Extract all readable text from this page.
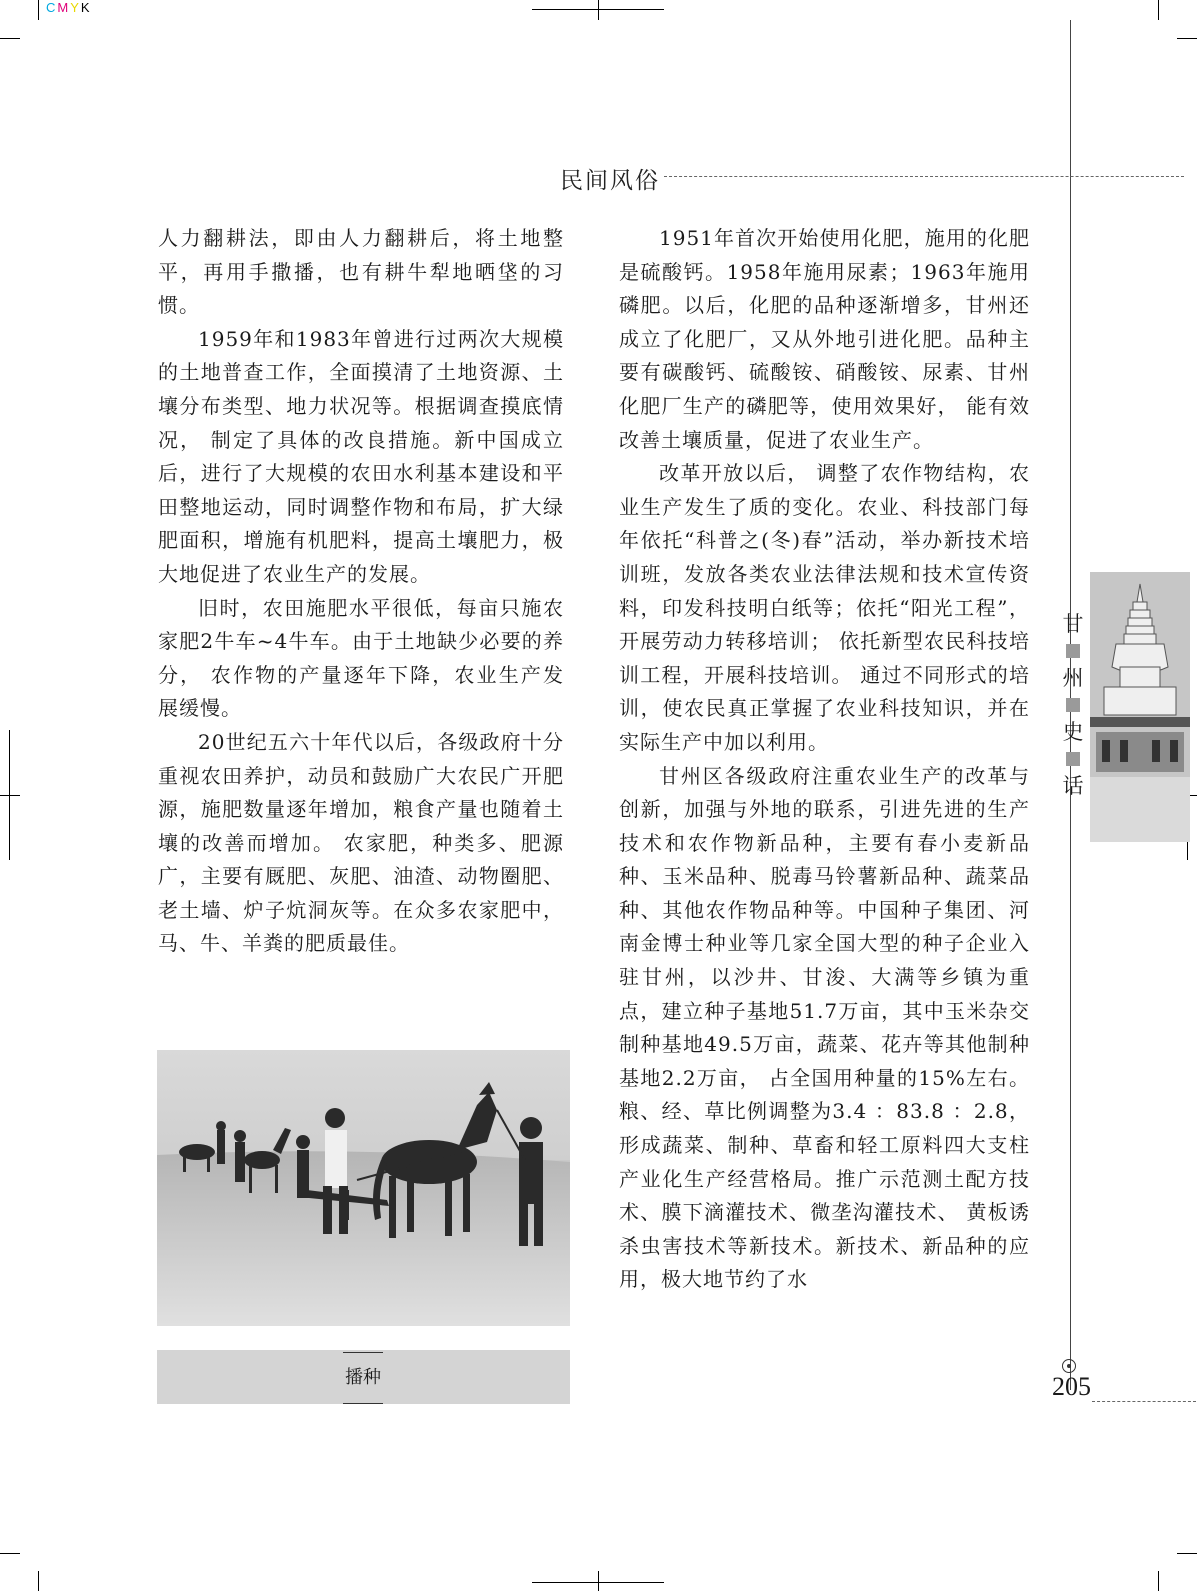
CMYK
民间风俗

人力翻耕法，即由人力翻耕后，将土地整平，再用手撒播，也有耕牛犁地晒垡的习惯。

1959年和1983年曾进行过两次大规模的土地普查工作，全面摸清了土地资源、土壤分布类型、地力状况等。根据调查摸底情况， 制定了具体的改良措施。新中国成立后，进行了大规模的农田水利基本建设和平田整地运动，同时调整作物和布局，扩大绿肥面积，增施有机肥料，提高土壤肥力，极大地促进了农业生产的发展。

旧时，农田施肥水平很低，每亩只施农家肥2牛车~4牛车。由于土地缺少必要的养分， 农作物的产量逐年下降，农业生产发展缓慢。

20世纪五六十年代以后，各级政府十分重视农田养护，动员和鼓励广大农民广开肥源，施肥数量逐年增加，粮食产量也随着土壤的改善而增加。 农家肥，种类多、肥源广，主要有厩肥、灰肥、油渣、动物圈肥、老土墙、炉子炕洞灰等。在众多农家肥中，马、牛、羊粪的肥质最佳。

1951年首次开始使用化肥，施用的化肥是硫酸钙。1958年施用尿素；1963年施用磷肥。以后，化肥的品种逐渐增多，甘州还成立了化肥厂，又从外地引进化肥。品种主要有碳酸钙、硫酸铵、硝酸铵、尿素、甘州化肥厂生产的磷肥等，使用效果好， 能有效改善土壤质量，促进了农业生产。

改革开放以后， 调整了农作物结构，农业生产发生了质的变化。农业、科技部门每年依托“科普之(冬)春”活动，举办新技术培训班，发放各类农业法律法规和技术宣传资料，印发科技明白纸等；依托“阳光工程”，开展劳动力转移培训； 依托新型农民科技培训工程，开展科技培训。 通过不同形式的培训，使农民真正掌握了农业科技知识，并在实际生产中加以利用。

甘州区各级政府注重农业生产的改革与创新，加强与外地的联系，引进先进的生产技术和农作物新品种，主要有春小麦新品种、玉米品种、脱毒马铃薯新品种、蔬菜品种、其他农作物品种等。中国种子集团、河南金博士种业等几家全国大型的种子企业入驻甘州，以沙井、甘浚、大满等乡镇为重点，建立种子基地51.7万亩，其中玉米杂交制种基地49.5万亩，蔬菜、花卉等其他制种基地2.2万亩， 占全国用种量的15%左右。粮、经、草比例调整为3.4 ：83.8 ：2.8，形成蔬菜、制种、草畜和轻工原料四大支柱产业化生产经营格局。推广示范测土配方技术、膜下滴灌技术、微垄沟灌技术、 黄板诱杀虫害技术等新技术。新技术、新品种的应用，极大地节约了水

播种
甘
州
史
话
205
